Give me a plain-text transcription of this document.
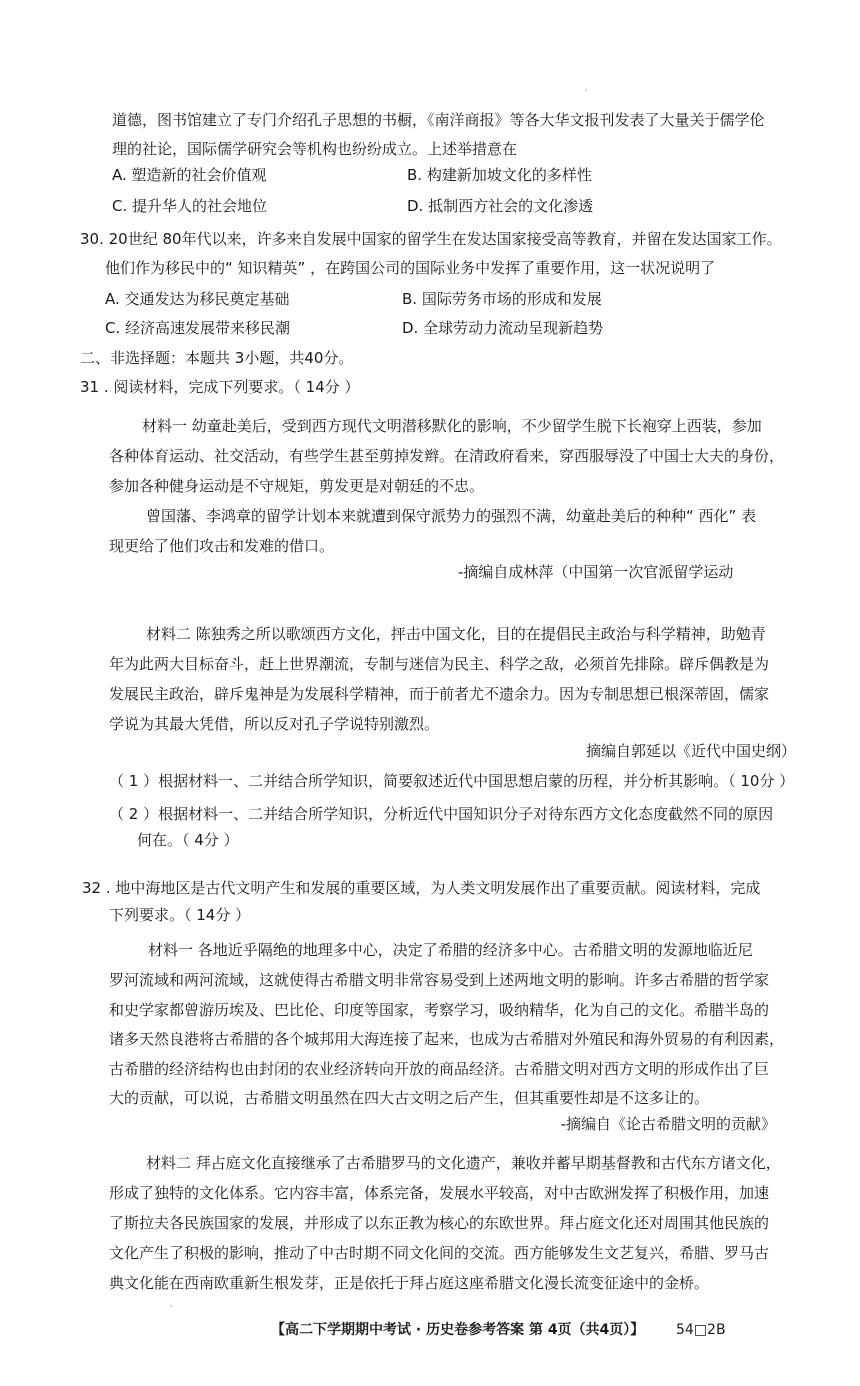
·
道德，图书馆建立了专门介绍孔子思想的书橱，《南洋商报》等各大华文报刊发表了大量关于儒学伦
理的社论，国际儒学研究会等机构也纷纷成立。上述举措意在
A. 塑造新的社会价值观	B. 构建新加坡文化的多样性
C. 提升华人的社会地位	D. 抵制西方社会的文化渗透
30. 20世纪 80年代以来，许多来自发展中国家的留学生在发达国家接受高等教育，并留在发达国家工作。
他们作为移民中的“ 知识精英” ，在跨国公司的国际业务中发挥了重要作用，这一状况说明了
A. 交通发达为移民奠定基础	B. 国际劳务市场的形成和发展
C. 经济高速发展带来移民潮	D. 全球劳动力流动呈现新趋势
二、非选择题：本题共 3小题，共40分。
31 . 阅读材料，完成下列要求。（ 14分 ）
材料一 幼童赴美后，受到西方现代文明潜移默化的影响，不少留学生脱下长袍穿上西装，参加
各种体育运动、社交活动，有些学生甚至剪掉发辫。在清政府看来，穿西服辱没了中国士大夫的身份，
参加各种健身运动是不守规矩，剪发更是对朝廷的不忠。
曾国藩、李鸿章的留学计划本来就遭到保守派势力的强烈不满，幼童赴美后的种种“ 西化” 表
现更给了他们攻击和发难的借口。
-摘编自成林萍（中国第一次官派留学运动
材料二 陈独秀之所以歌颂西方文化，抨击中国文化，目的在提倡民主政治与科学精神，助勉青
年为此两大目标奋斗，赶上世界潮流，专制与迷信为民主、科学之敌，必须首先排除。辟斥偶教是为
发展民主政治，辟斥鬼神是为发展科学精神，而于前者尤不遗余力。因为专制思想已根深蒂固，儒家
学说为其最大凭借，所以反对孔子学说特别激烈。
摘编自郭延以《近代中国史纲）
（ 1 ）根据材料一、二并结合所学知识，简要叙述近代中国思想启蒙的历程，并分析其影响。（ 10分 ）
（ 2 ）根据材料一、二并结合所学知识，分析近代中国知识分子对待东西方文化态度截然不同的原因
何在。（ 4分 ）
32 . 地中海地区是古代文明产生和发展的重要区域，为人类文明发展作出了重要贡献。阅读材料，完成
下列要求。（ 14分 ）
材料一 各地近乎隔绝的地理多中心，决定了希腊的经济多中心。古希腊文明的发源地临近尼
罗河流域和两河流域，这就使得古希腊文明非常容易受到上述两地文明的影响。许多古希腊的哲学家
和史学家都曾游历埃及、巴比伦、印度等国家，考察学习，吸纳精华，化为自己的文化。希腊半岛的
诸多天然良港将古希腊的各个城邦用大海连接了起来，也成为古希腊对外殖民和海外贸易的有利因素，
古希腊的经济结构也由封闭的农业经济转向开放的商品经济。古希腊文明对西方文明的形成作出了巨
大的贡献，可以说，古希腊文明虽然在四大古文明之后产生，但其重要性却是不这多让的。
-摘编自《论古希腊文明的贡献》
材料二 拜占庭文化直接继承了古希腊罗马的文化遗产，兼收并蓄早期基督教和古代东方诸文化，
形成了独特的文化体系。它内容丰富，体系完备，发展水平较高，对中古欧洲发挥了积极作用，加速
了斯拉夫各民族国家的发展，并形成了以东正教为核心的东欧世界。拜占庭文化还对周围其他民族的
文化产生了积极的影响，推动了中古时期不同文化间的交流。西方能够发生文艺复兴，希腊、罗马古
典文化能在西南欧重新生根发芽，正是依托于拜占庭这座希腊文化漫长流变征途中的金桥。
·
【高二下学期期中考试 · 历史卷参考答案 第 4页（共4页）】 54□2B
